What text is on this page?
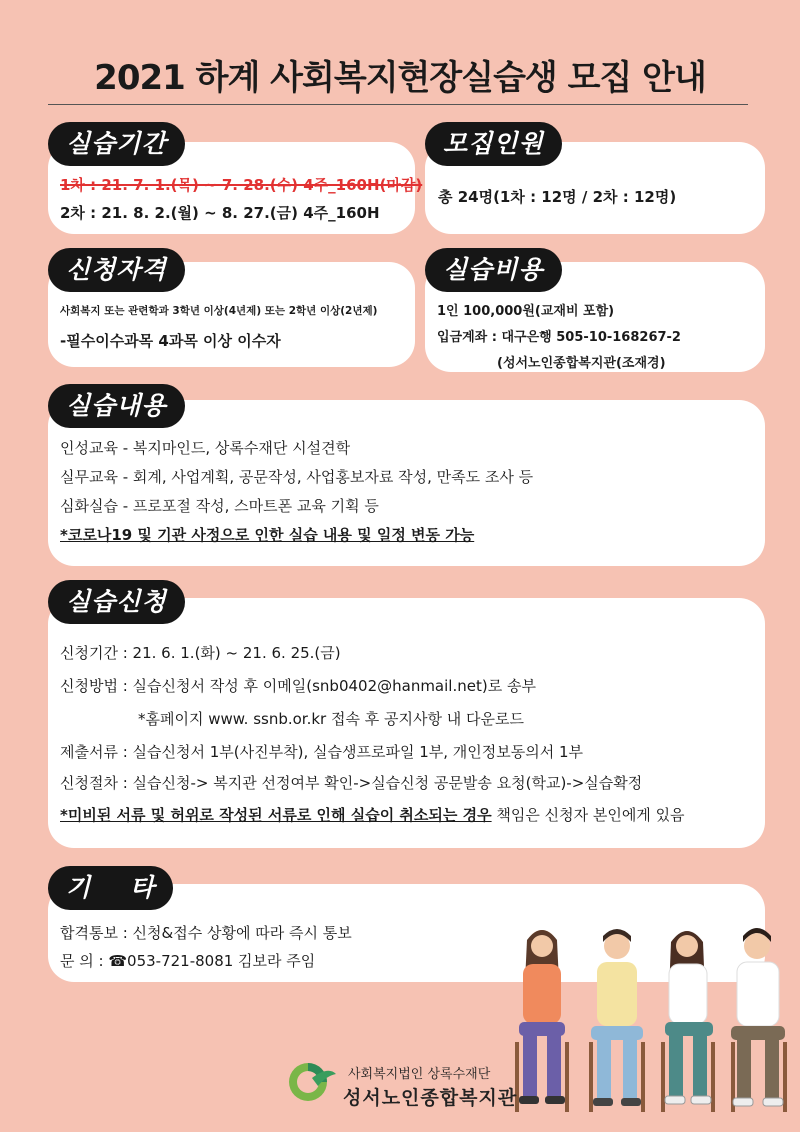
2021 하계 사회복지현장실습생 모집 안내
실습기간
1차 : 21. 7. 1.(목) ~ 7. 28.(수) 4주_160H(마감)
2차 : 21. 8. 2.(월) ~ 8. 27.(금) 4주_160H
모집인원
총 24명(1차 : 12명 / 2차 : 12명)
신청자격
사회복지 또는 관련학과 3학년 이상(4년제) 또는 2학년 이상(2년제)
-필수이수과목 4과목 이상 이수자
실습비용
1인 100,000원(교재비 포함)
입금계좌 : 대구은행 505-10-168267-2
(성서노인종합복지관(조재경)
실습내용
인성교육 - 복지마인드, 상록수재단 시설견학
실무교육 - 회계, 사업계획, 공문작성, 사업홍보자료 작성, 만족도 조사 등
심화실습 - 프로포절 작성, 스마트폰 교육 기획 등
*코로나19 및 기관 사정으로 인한 실습 내용 및 일정 변동 가능
실습신청
신청기간 : 21. 6. 1.(화) ~ 21. 6. 25.(금)
신청방법 : 실습신청서 작성 후 이메일(snb0402@hanmail.net)로 송부
*홈페이지 www. ssnb.or.kr 접속 후 공지사항 내 다운로드
제출서류 : 실습신청서 1부(사진부착), 실습생프로파일 1부, 개인정보동의서 1부
신청절차 : 실습신청-> 복지관 선정여부 확인->실습신청 공문발송 요청(학교)->실습확정
*미비된 서류 및 허위로 작성된 서류로 인해 실습이 취소되는 경우 책임은 신청자 본인에게 있음
기    타
합격통보 : 신청&접수 상황에 따라 즉시 통보
문 의 : ☎053-721-8081 김보라 주임
사회복지법인 상록수재단
성서노인종합복지관
